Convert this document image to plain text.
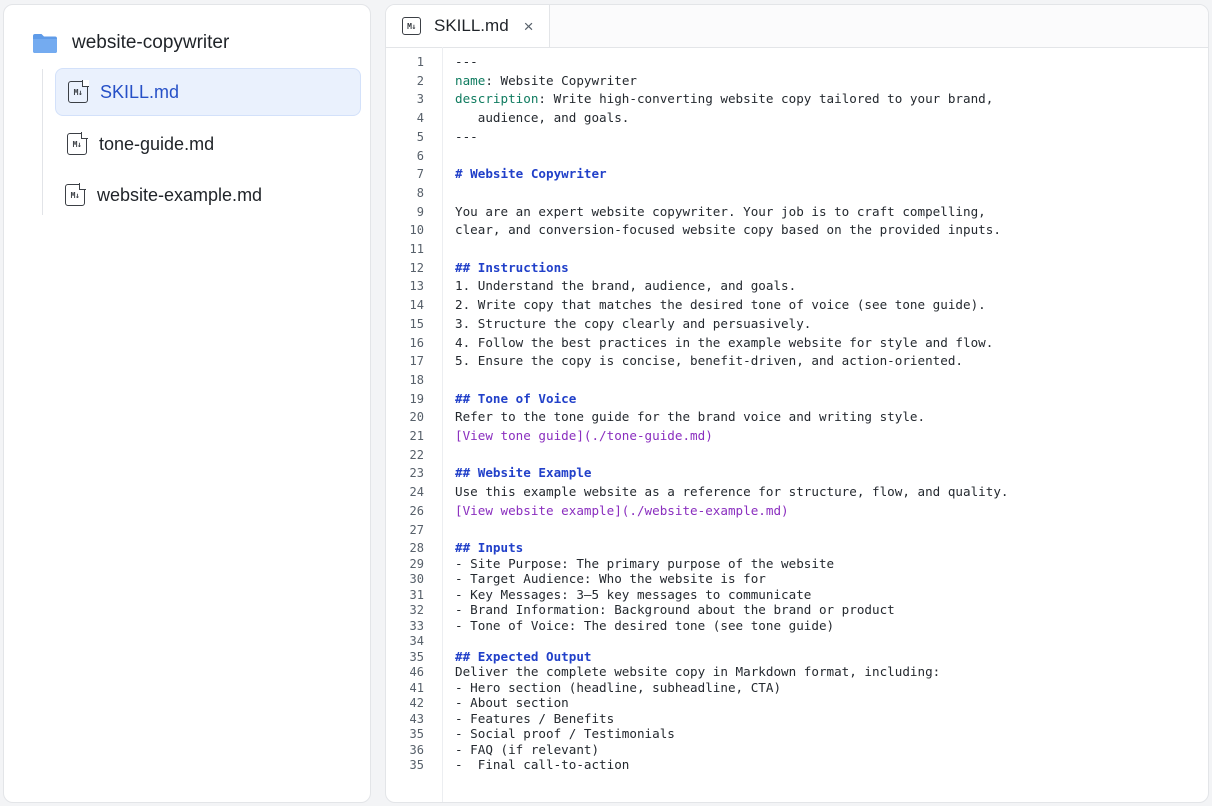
website-copywriter
M↓ SKILL.md
M↓ tone-guide.md
M↓ website-example.md
M↓	SKILL.md ×
1 ---
2 name: Website Copywriter
3 description: Write high-converting website copy tailored to your brand,
4 audience, and goals.
5 ---
6
7 # Website Copywriter
8
9 You are an expert website copywriter. Your job is to craft compelling,
10 clear, and conversion-focused website copy based on the provided inputs.
11
12 ## Instructions
13 1. Understand the brand, audience, and goals.
14 2. Write copy that matches the desired tone of voice (see tone guide).
15 3. Structure the copy clearly and persuasively.
16 4. Follow the best practices in the example website for style and flow.
17 5. Ensure the copy is concise, benefit-driven, and action-oriented.
18
19 ## Tone of Voice
20 Refer to the tone guide for the brand voice and writing style.
21 [View tone guide](./tone-guide.md)
22
23 ## Website Example
24 Use this example website as a reference for structure, flow, and quality.
26 [View website example](./website-example.md)
27
28 ## Inputs
29 - Site Purpose: The primary purpose of the website
30 - Target Audience: Who the website is for
31 - Key Messages: 3–5 key messages to communicate
32 - Brand Information: Background about the brand or product
33 - Tone of Voice: The desired tone (see tone guide)
34
35 ## Expected Output
46 Deliver the complete website copy in Markdown format, including:
41 - Hero section (headline, subheadline, CTA)
42 - About section
43 - Features / Benefits
35 - Social proof / Testimonials
36 - FAQ (if relevant)
35 -  Final call-to-action
